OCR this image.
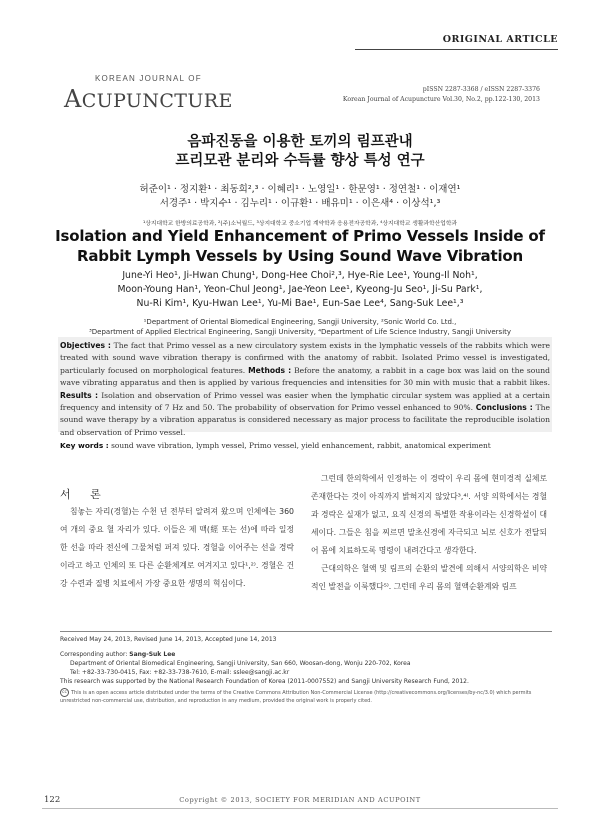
ORIGINAL ARTICLE
KOREAN JOURNAL OF
ACUPUNCTURE
pISSN 2287-3368 / eISSN 2287-3376
Korean Journal of Acupuncture Vol.30, No.2, pp.122-130, 2013
음파진동을 이용한 토끼의 림프관내
프리모관 분리와 수득률 향상 특성 연구
허준이¹ · 정지환¹ · 최동희²,³ · 이혜리¹ · 노영일¹ · 한문영¹ · 정연철¹ · 이재연¹
서경주¹ · 박지수¹ · 김누리¹ · 이규환¹ · 배유미¹ · 이은새⁴ · 이상석¹,³
¹상지대학교 한방의료공학과, ²(주)소닉월드, ³상지대학교 중소기업 계약학과 응용전자공학과, ⁴상지대학교 생활과학산업학과
Isolation and Yield Enhancement of Primo Vessels Inside of
Rabbit Lymph Vessels by Using Sound Wave Vibration
June-Yi Heo¹, Ji-Hwan Chung¹, Dong-Hee Choi²,³, Hye-Rie Lee¹, Young-Il Noh¹,
Moon-Young Han¹, Yeon-Chul Jeong¹, Jae-Yeon Lee¹, Kyeong-Ju Seo¹, Ji-Su Park¹,
Nu-Ri Kim¹, Kyu-Hwan Lee¹, Yu-Mi Bae¹, Eun-Sae Lee⁴, Sang-Suk Lee¹,³
¹Department of Oriental Biomedical Engineering, Sangji University, ²Sonic World Co. Ltd.,
³Department of Applied Electrical Engineering, Sangji University, ⁴Department of Life Science Industry, Sangji University
Objectives : The fact that Primo vessel as a new circulatory system exists in the lymphatic vessels of the rabbits which were treated with sound wave vibration therapy is confirmed with the anatomy of rabbit. Isolated Primo vessel is investigated, particularly focused on morphological features. Methods : Before the anatomy, a rabbit in a cage box was laid on the sound wave vibrating apparatus and then is applied by various frequencies and intensities for 30 min with music that a rabbit likes. Results : Isolation and observation of Primo vessel was easier when the lymphatic circular system was applied at a certain frequency and intensity of 7 Hz and 50. The probability of observation for Primo vessel enhanced to 90%. Conclusions : The sound wave therapy by a vibration apparatus is considered necessary as major process to facilitate the reproducible isolation and observation of Primo vessel.
Key words : sound wave vibration, lymph vessel, Primo vessel, yield enhancement, rabbit, anatomical experiment
서 론

침놓는 자리(경혈)는 수천 년 전부터 알려져 왔으며 인체에는 360여 개의 중요 혈 자리가 있다. 이들은 제 맥(經 또는 선)에 따라 일정한 선을 따라 전신에 그물처럼 퍼져 있다. 경혈을 이어주는 선을 경락이라고 하고 인체의 또 다른 순환체계로 여겨지고 있다¹,²⁾. 경혈은 건강 수련과 질병 치료에서 가장 중요한 생명의 혁심이다.

그런데 한의학에서 인정하는 이 경락이 우리 몸에 현미경적 실체로 존재한다는 것이 아직까지 밝혀지지 않았다³,⁴⁾. 서양 의학에서는 경혈과 경락은 실재가 없고, 요직 신경의 특별한 작용이라는 신경학설이 대세이다. 그들은 침을 찌르면 말초신경에 자극되고 뇌로 신호가 전달되어 몸에 치료하도록 명령이 내려간다고 생각한다.

근대의학은 혈액 및 림프의 순환의 발견에 의해서 서양의학은 비약적인 발전을 이룩했다⁵⁾. 그런데 우리 몸의 혈액순환계와 림프

Received May 24, 2013, Revised June 14, 2013, Accepted June 14, 2013
Corresponding author: Sang-Suk Lee
Department of Oriental Biomedical Engineering, Sangji University, San 660, Woosan-dong, Wonju 220-702, Korea
Tel: +82-33-730-0415, Fax: +82-33-738-7610, E-mail: sslee@sangji.ac.kr
This research was supported by the National Research Foundation of Korea (2011-0007552) and Sangji University Research Fund, 2012.
cc This is an open access article distributed under the terms of the Creative Commons Attribution Non-Commercial License (http://creativecommons.org/licenses/by-nc/3.0) which permits
unrestricted non-commercial use, distribution, and reproduction in any medium, provided the original work is properly cited.
122	Copyright © 2013, SOCIETY FOR MERIDIAN AND ACUPOINT
